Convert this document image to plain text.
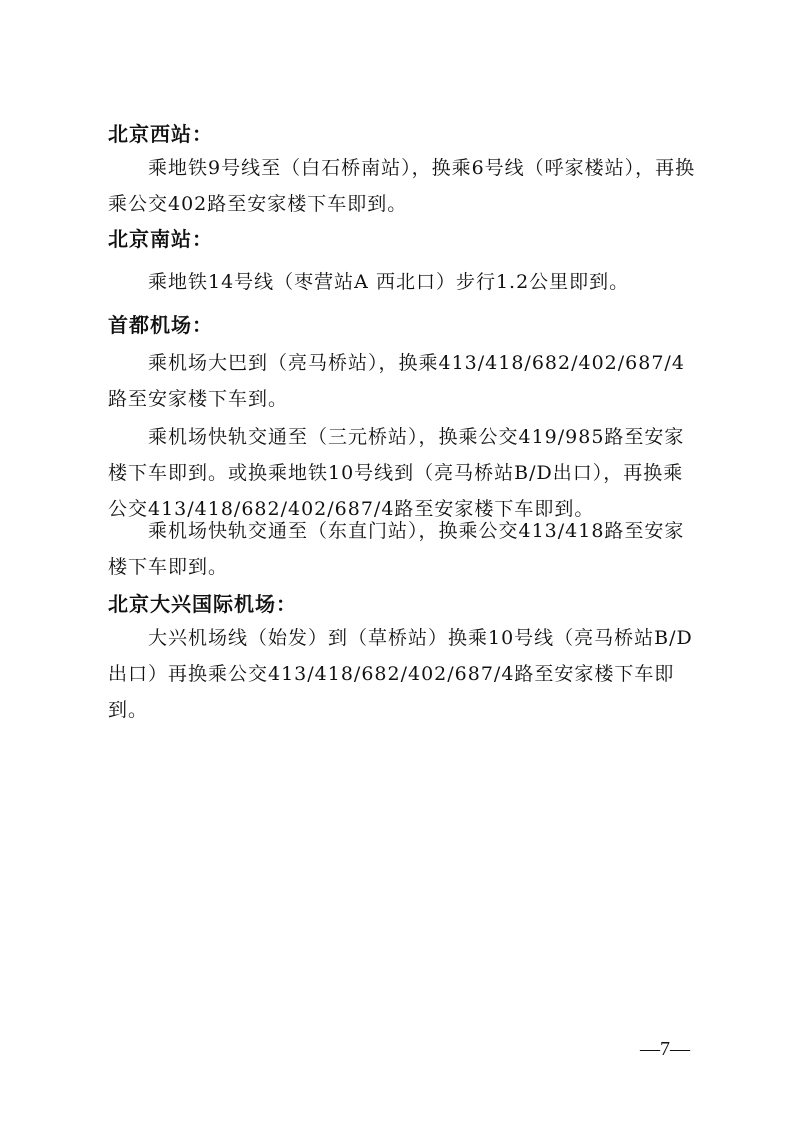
北京西站：

乘地铁9号线至（白石桥南站），换乘6号线（呼家楼站），再换乘公交402路至安家楼下车即到。

北京南站：

乘地铁14号线（枣营站A 西北口）步行1.2公里即到。

首都机场：

乘机场大巴到（亮马桥站），换乘413/418/682/402/687/4路至安家楼下车到。

乘机场快轨交通至（三元桥站），换乘公交419/985路至安家楼下车即到。或换乘地铁10号线到（亮马桥站B/D出口），再换乘公交413/418/682/402/687/4路至安家楼下车即到。

乘机场快轨交通至（东直门站），换乘公交413/418路至安家楼下车即到。

北京大兴国际机场：

大兴机场线（始发）到（草桥站）换乘10号线（亮马桥站B/D 出口）再换乘公交413/418/682/402/687/4路至安家楼下车即到。

—7—
